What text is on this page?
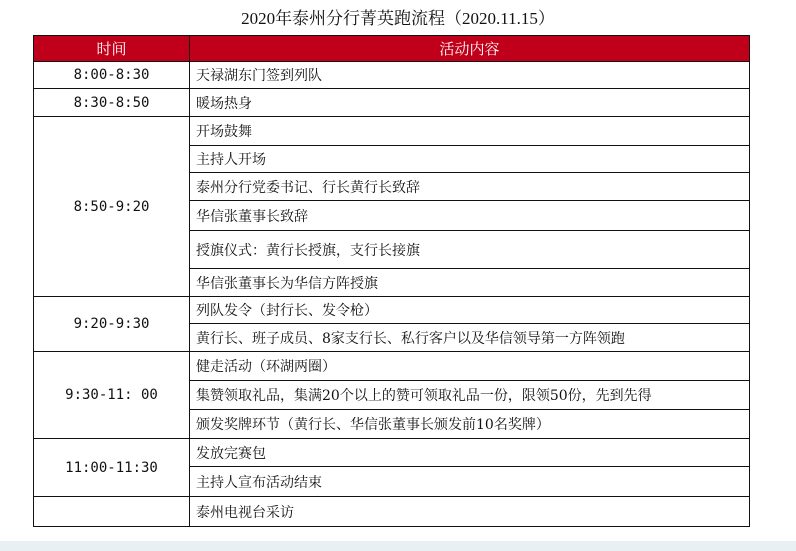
2020年泰州分行菁英跑流程（2020.11.15）
时间	活动内容
8:00-8:30	天禄湖东门签到列队
8:30-8:50	暖场热身
8:50-9:20	开场鼓舞
	主持人开场
	泰州分行党委书记、行长黄行长致辞
	华信张董事长致辞
	授旗仪式：黄行长授旗，支行长接旗
	华信张董事长为华信方阵授旗
9:20-9:30	列队发令（封行长、发令枪）
	黄行长、班子成员、8家支行长、私行客户以及华信领导第一方阵领跑
9:30-11: 00	健走活动（环湖两圈）
	集赞领取礼品，集满20个以上的赞可领取礼品一份，限领50份，先到先得
	颁发奖牌环节（黄行长、华信张董事长颁发前10名奖牌）
11:00-11:30	发放完赛包
	主持人宣布活动结束
	泰州电视台采访
